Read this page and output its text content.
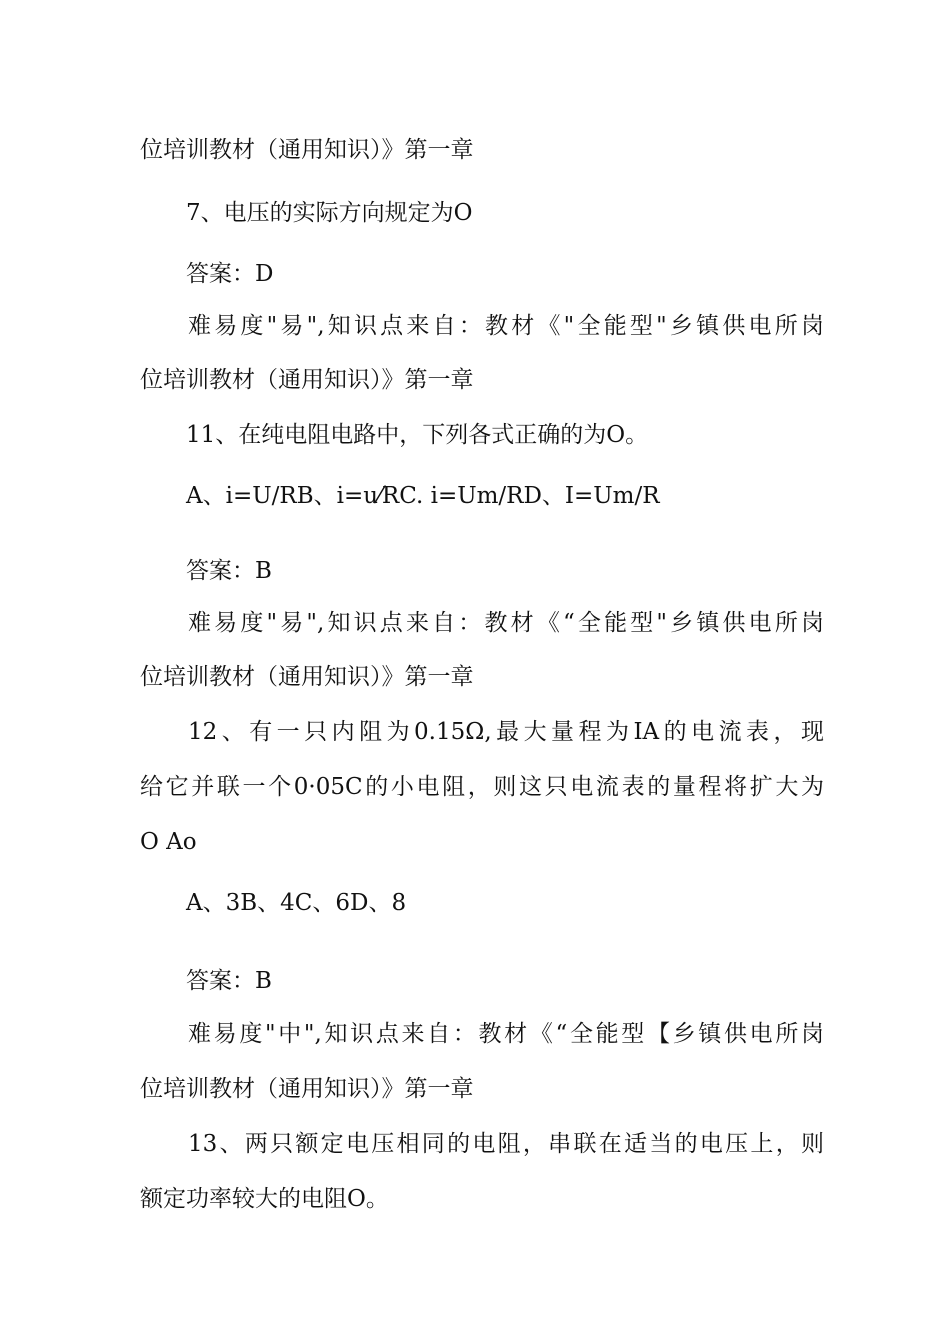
位培训教材（通用知识）》第一章

7、电压的实际方向规定为O

答案：D

难易度"易",知识点来自：教材《"全能型"乡镇供电所岗

位培训教材（通用知识）》第一章

11、在纯电阻电路中，下列各式正确的为O。

A、i=U/RB、i=u⁄RC. i=Um/RD、I=Um/R

答案：B

难易度"易",知识点来自：教材《“全能型"乡镇供电所岗

位培训教材（通用知识）》第一章

12、有一只内阻为0.15Ω,最大量程为IA的电流表，现

给它并联一个0·05C的小电阻，则这只电流表的量程将扩大为

O Ao

A、3B、4C、6D、8

答案：B

难易度"中",知识点来自：教材《“全能型【乡镇供电所岗

位培训教材（通用知识）》第一章

13、两只额定电压相同的电阻，串联在适当的电压上，则

额定功率较大的电阻O。
